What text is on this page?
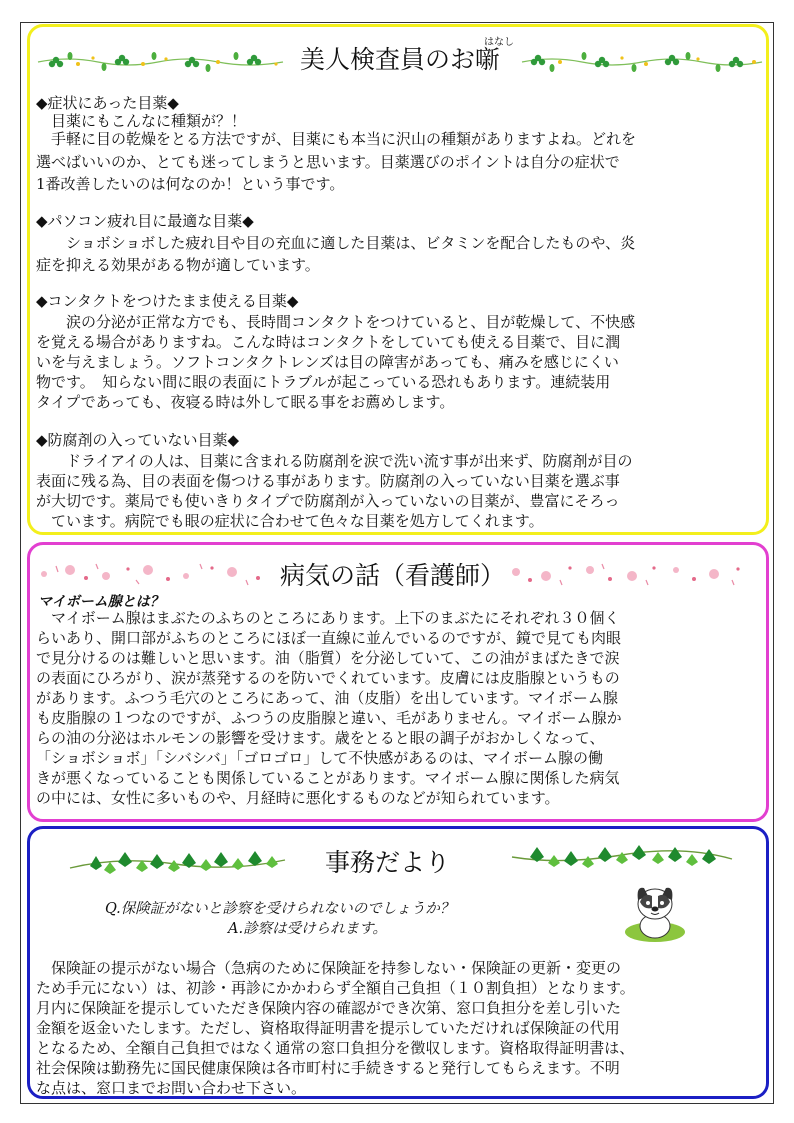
美人検査員のお噺
はなし
◆症状にあった目薬◆
　目薬にもこんなに種類が？！
　手軽に目の乾燥をとる方法ですが、目薬にも本当に沢山の種類がありますよね。どれを
選べばいいのか、とても迷ってしまうと思います。目薬選びのポイントは自分の症状で
1番改善したいのは何なのか！という事です。
◆パソコン疲れ目に最適な目薬◆
　　ショボショボした疲れ目や目の充血に適した目薬は、ビタミンを配合したものや、炎
症を抑える効果がある物が適しています。
◆コンタクトをつけたまま使える目薬◆
　　涙の分泌が正常な方でも、長時間コンタクトをつけていると、目が乾燥して、不快感
を覚える場合がありますね。こんな時はコンタクトをしていても使える目薬で、目に潤
いを与えましょう。ソフトコンタクトレンズは目の障害があっても、痛みを感じにくい
物です。　知らない間に眼の表面にトラブルが起こっている恐れもあります。連続装用
タイプであっても、夜寝る時は外して眠る事をお薦めします。
◆防腐剤の入っていない目薬◆
　　ドライアイの人は、目薬に含まれる防腐剤を涙で洗い流す事が出来ず、防腐剤が目の
表面に残る為、目の表面を傷つける事があります。防腐剤の入っていない目薬を選ぶ事
が大切です。薬局でも使いきりタイプで防腐剤が入っていないの目薬が、豊富にそろっ
　ています。病院でも眼の症状に合わせて色々な目薬を処方してくれます。
病気の話（看護師）
マイボーム腺とは？
　マイボーム腺はまぶたのふちのところにあります。上下のまぶたにそれぞれ３０個く
らいあり、開口部がふちのところにほぼ一直線に並んでいるのですが、鏡で見ても肉眼
で見分けるのは難しいと思います。油（脂質）を分泌していて、この油がまばたきで涙
の表面にひろがり、涙が蒸発するのを防いでくれています。皮膚には皮脂腺というもの
があります。ふつう毛穴のところにあって、油（皮脂）を出しています。マイボーム腺
も皮脂腺の１つなのですが、ふつうの皮脂腺と違い、毛がありません。マイボーム腺か
らの油の分泌はホルモンの影響を受けます。歳をとると眼の調子がおかしくなって、
「ショボショボ」「シバシバ」「ゴロゴロ」して不快感があるのは、マイボーム腺の働
きが悪くなっていることも関係していることがあります。マイボーム腺に関係した病気
の中には、女性に多いものや、月経時に悪化するものなどが知られています。
事務だより
Q.保険証がないと診察を受けられないのでしょうか？
A.診察は受けられます。
　保険証の提示がない場合（急病のために保険証を持参しない・保険証の更新・変更の
ため手元にない）は、初診・再診にかかわらず全額自己負担（１０割負担）となります。
月内に保険証を提示していただき保険内容の確認ができ次第、窓口負担分を差し引いた
金額を返金いたします。ただし、資格取得証明書を提示していただければ保険証の代用
となるため、全額自己負担ではなく通常の窓口負担分を徴収します。資格取得証明書は、
社会保険は勤務先に国民健康保険は各市町村に手続きすると発行してもらえます。不明
な点は、窓口までお問い合わせ下さい。
